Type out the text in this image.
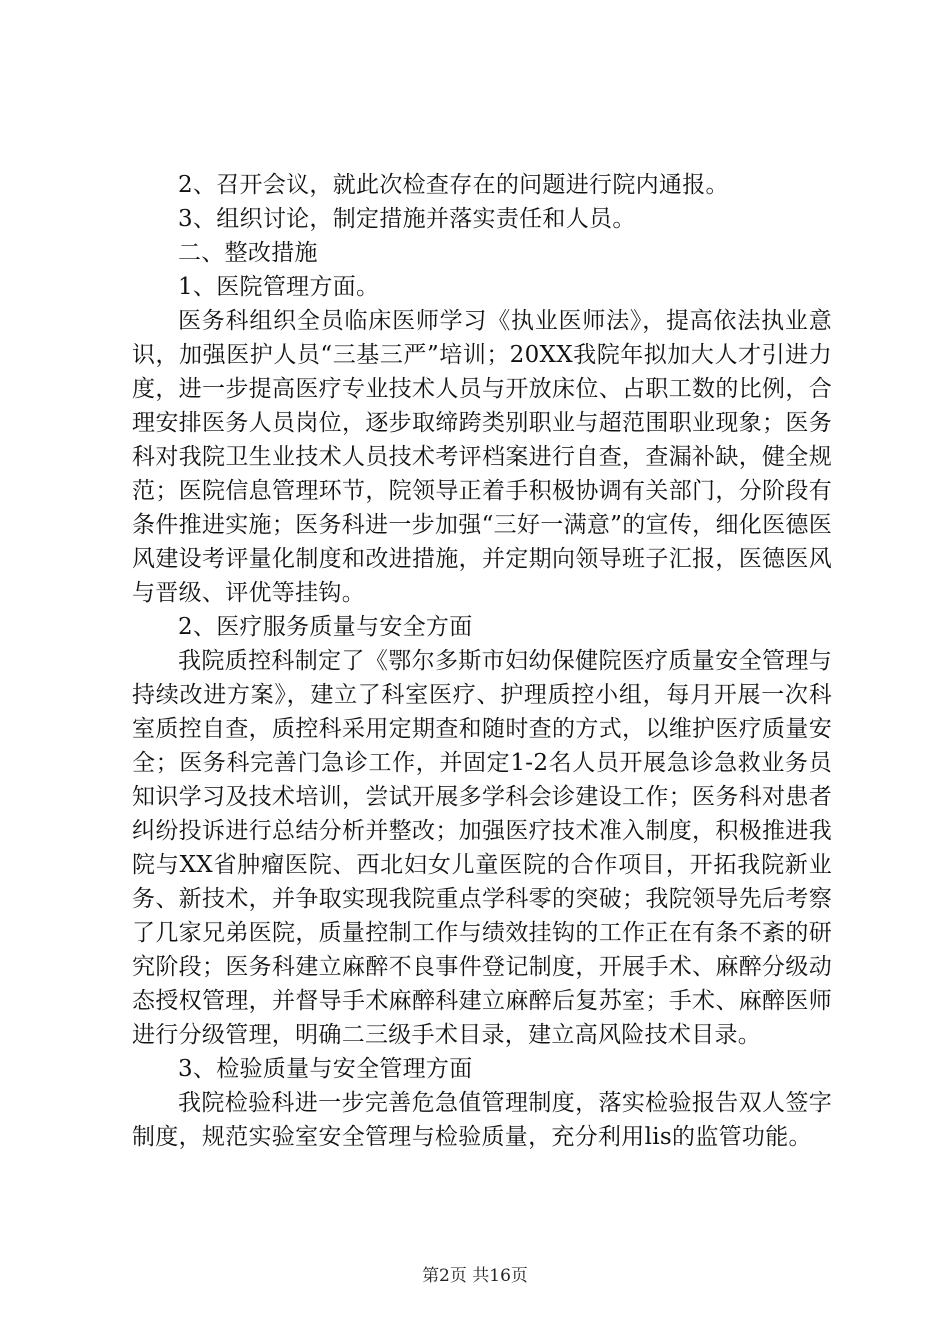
2、召开会议，就此次检查存在的问题进行院内通报。

3、组织讨论，制定措施并落实责任和人员。

二、整改措施

1、医院管理方面。

医务科组织全员临床医师学习《执业医师法》，提高依法执业意识，加强医护人员“三基三严”培训；20XX我院年拟加大人才引进力度，进一步提高医疗专业技术人员与开放床位、占职工数的比例，合理安排医务人员岗位，逐步取缔跨类别职业与超范围职业现象；医务科对我院卫生业技术人员技术考评档案进行自查，查漏补缺，健全规范；医院信息管理环节，院领导正着手积极协调有关部门，分阶段有条件推进实施；医务科进一步加强“三好一满意”的宣传，细化医德医风建设考评量化制度和改进措施，并定期向领导班子汇报，医德医风与晋级、评优等挂钩。

2、医疗服务质量与安全方面

我院质控科制定了《鄂尔多斯市妇幼保健院医疗质量安全管理与持续改进方案》，建立了科室医疗、护理质控小组，每月开展一次科室质控自查，质控科采用定期查和随时查的方式，以维护医疗质量安全；医务科完善门急诊工作，并固定1-2名人员开展急诊急救业务员知识学习及技术培训，尝试开展多学科会诊建设工作；医务科对患者纠纷投诉进行总结分析并整改；加强医疗技术准入制度，积极推进我院与XX省肿瘤医院、西北妇女儿童医院的合作项目，开拓我院新业务、新技术，并争取实现我院重点学科零的突破；我院领导先后考察了几家兄弟医院，质量控制工作与绩效挂钩的工作正在有条不紊的研究阶段；医务科建立麻醉不良事件登记制度，开展手术、麻醉分级动态授权管理，并督导手术麻醉科建立麻醉后复苏室；手术、麻醉医师进行分级管理，明确二三级手术目录，建立高风险技术目录。

3、检验质量与安全管理方面

我院检验科进一步完善危急值管理制度，落实检验报告双人签字制度，规范实验室安全管理与检验质量，充分利用lis的监管功能。

第2页 共16页
